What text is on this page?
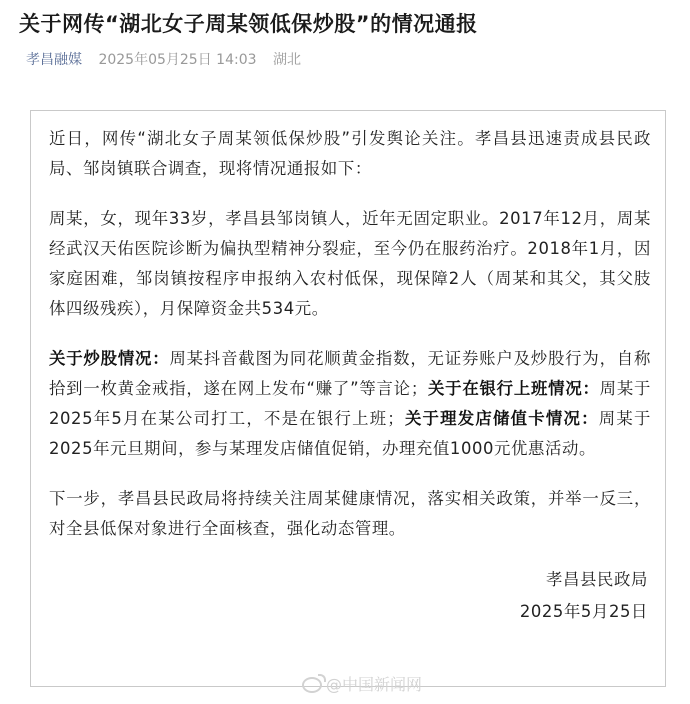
关于网传“湖北女子周某领低保炒股”的情况通报
孝昌融媒 2025年05月25日 14:03 湖北

近日，网传“湖北女子周某领低保炒股”引发舆论关注。孝昌县迅速责成县民政局、邹岗镇联合调查，现将情况通报如下：

周某，女，现年33岁，孝昌县邹岗镇人，近年无固定职业。2017年12月，周某经武汉天佑医院诊断为偏执型精神分裂症，至今仍在服药治疗。2018年1月，因家庭困难，邹岗镇按程序申报纳入农村低保，现保障2人（周某和其父，其父肢体四级残疾），月保障资金共534元。

关于炒股情况：周某抖音截图为同花顺黄金指数，无证券账户及炒股行为，自称拾到一枚黄金戒指，遂在网上发布“赚了”等言论；关于在银行上班情况：周某于2025年5月在某公司打工，不是在银行上班；关于理发店储值卡情况：周某于2025年元旦期间，参与某理发店储值促销，办理充值1000元优惠活动。

下一步，孝昌县民政局将持续关注周某健康情况，落实相关政策，并举一反三，对全县低保对象进行全面核查，强化动态管理。

孝昌县民政局
2025年5月25日
@中国新闻网
